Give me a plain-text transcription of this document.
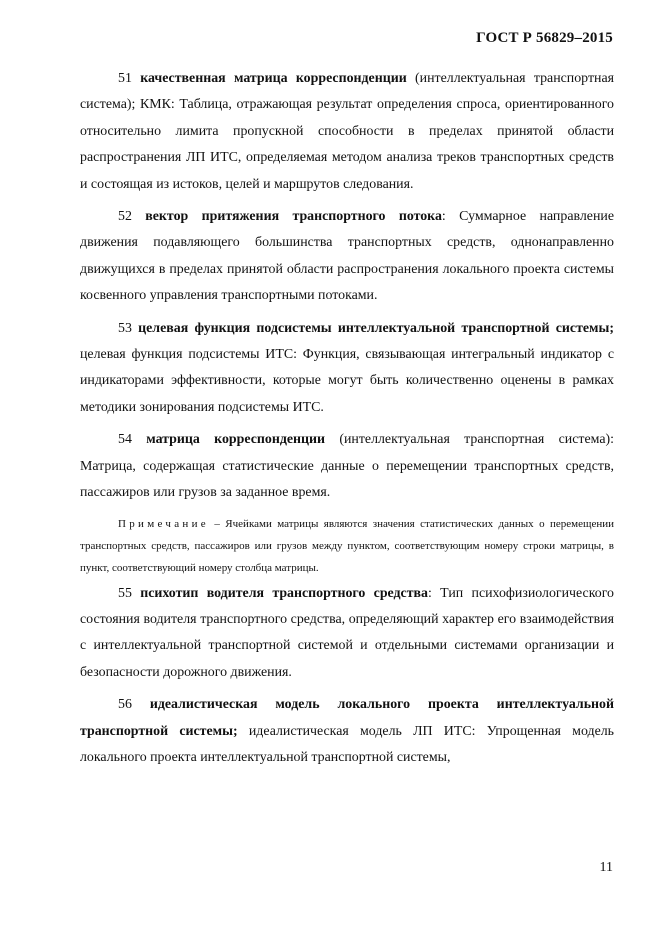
ГОСТ Р 56829–2015

51 качественная матрица корреспонденции (интеллектуальная транспортная система); КМК: Таблица, отражающая результат определения спроса, ориентированного относительно лимита пропускной способности в пределах принятой области распространения ЛП ИТС, определяемая методом анализа треков транспортных средств и состоящая из истоков, целей и маршрутов следования.

52 вектор притяжения транспортного потока: Суммарное направление движения подавляющего большинства транспортных средств, однонаправленно движущихся в пределах принятой области распространения локального проекта системы косвенного управления транспортными потоками.

53 целевая функция подсистемы интеллектуальной транспортной системы; целевая функция подсистемы ИТС: Функция, связывающая интегральный индикатор с индикаторами эффективности, которые могут быть количественно оценены в рамках методики зонирования подсистемы ИТС.

54 матрица корреспонденции (интеллектуальная транспортная система): Матрица, содержащая статистические данные о перемещении транспортных средств, пассажиров или грузов за заданное время.

Примечание – Ячейками матрицы являются значения статистических данных о перемещении транспортных средств, пассажиров или грузов между пунктом, соответствующим номеру строки матрицы, в пункт, соответствующий номеру столбца матрицы.

55 психотип водителя транспортного средства: Тип психофизиологического состояния водителя транспортного средства, определяющий характер его взаимодействия с интеллектуальной транспортной системой и отдельными системами организации и безопасности дорожного движения.

56 идеалистическая модель локального проекта интеллектуальной транспортной системы; идеалистическая модель ЛП ИТС: Упрощенная модель локального проекта интеллектуальной транспортной системы,

11
